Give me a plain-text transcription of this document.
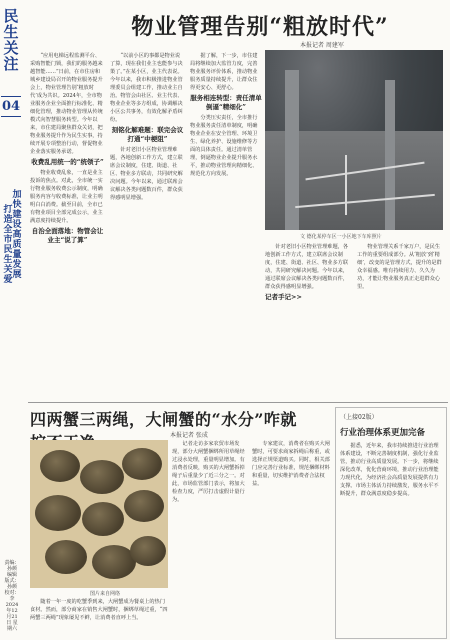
民生关注
04
打造全市民生关爱
加快建设高质量发展
责编：孙颜 编辑 版式：孙颜 校对：李 2024年12月21日 星期六
物业管理告别“粗放时代”

本报记者 周建军

“应用电梯远程监测平台、采购智能门锁，我们的服务越来越智能……”日前，在市住房和城乡建设局召开的物业服务提升会上，物业管理告别‘粗放时代’成为共识。2024年，全市物业服务企业全面推行标准化、精细化管理，推动物业管理从传统模式向智慧服务转型。今年以来，市住建局聚焦群众关切，把物业服务提升作为民生实事，持续开展专项整治行动，督促物业企业落实服务承诺。

收费乱用统一的“统领子”

物业收费乱象，一直是业主投诉的焦点。对此，全市统一实行物业服务收费公示制度，明确服务内容与收费标准，让业主明明白白消费。截至目前，全市已有物业项目全部完成公示，业主满意度持续提升。

自治全面落地：物管会让业主“说了算”

“以前小区的事都是物业说了算，现在我们业主也能参与决策了。”在某小区，业主代表说。今年以来，我市积极推进物业管理委员会组建工作，推动业主自治。物管会由社区、业主代表、物业企业等多方组成，协调解决小区公共事务，有效化解矛盾纠纷。

刻铭化解难题：联完会议打通“中梗阻”

针对老旧小区物业管理难题，各地创新工作方式，建立联席会议制度，住建、街道、社区、物业多方联动，共同研究解决问题。今年以来，通过联席会议解决各类问题数百件，群众获得感明显增强。

据了解，下一步，市住建局将继续加大监管力度，完善物业服务评价体系，推动物业服务质量持续提升，让群众住得更安心、更舒心。

服务相连转型：责任清单倒逼“精细化”

分类压实责任，全市推行物业服务责任清单制度，明确物业企业在安全管理、环境卫生、绿化养护、设施维修等方面的具体责任。通过清单管理，倒逼物业企业提升服务水平，推动物业管理向精细化、规范化方向发展。

文 德化某停车区一小区地下车库照片

针对老旧小区物业管理难题，各地创新工作方式，建立联席会议制度，住建、街道、社区、物业多方联动，共同研究解决问题。今年以来，通过联席会议解决各类问题数百件，群众获得感明显增强。

记者手记>>

物业管理关系千家万户，是民生工作的重要组成部分。从‘粗放’到‘精细’，改变的是管理方式，提升的是群众幸福感。唯有持续用力、久久为功，才能让物业服务真正走进群众心里。

四两蟹三两绳，大闸蟹的“水分”咋就

本报记者 张成

图片来自网络

随着一年一度的吃蟹季到来，大闸蟹成为餐桌上的热门食材。然而，部分商家在销售大闸蟹时，捆绑草绳过重，“四两蟹三两绳”现象屡见不鲜，让消费者直呼上当。

记者走访多家农贸市场发现，部分大闸蟹捆绑所用草绳经过浸水处理，重量明显增加。有消费者反映，购买的大闸蟹拆掉绳子后重量少了近三分之一。对此，市场监管部门表示，将加大检查力度，严厉打击虚假计量行为。

专家建议，消费者在购买大闸蟹时，可要求商家拆绳后称重，或选择正规渠道购买。同时，相关部门应完善行业标准，规范捆绑材料和重量，切实维护消费者合法权益。

（上接02版）
行业治理体系更加完备

据悉，近年来，我市持续推进行业治理体系建设，不断完善制度机制，强化行业监管，推动行业高质量发展。下一步，将继续深化改革，优化营商环境，推动行业治理能力现代化，为经济社会高质量发展提供有力支撑。市场主体活力持续激发，服务水平不断提升，群众满意度稳步提高。
